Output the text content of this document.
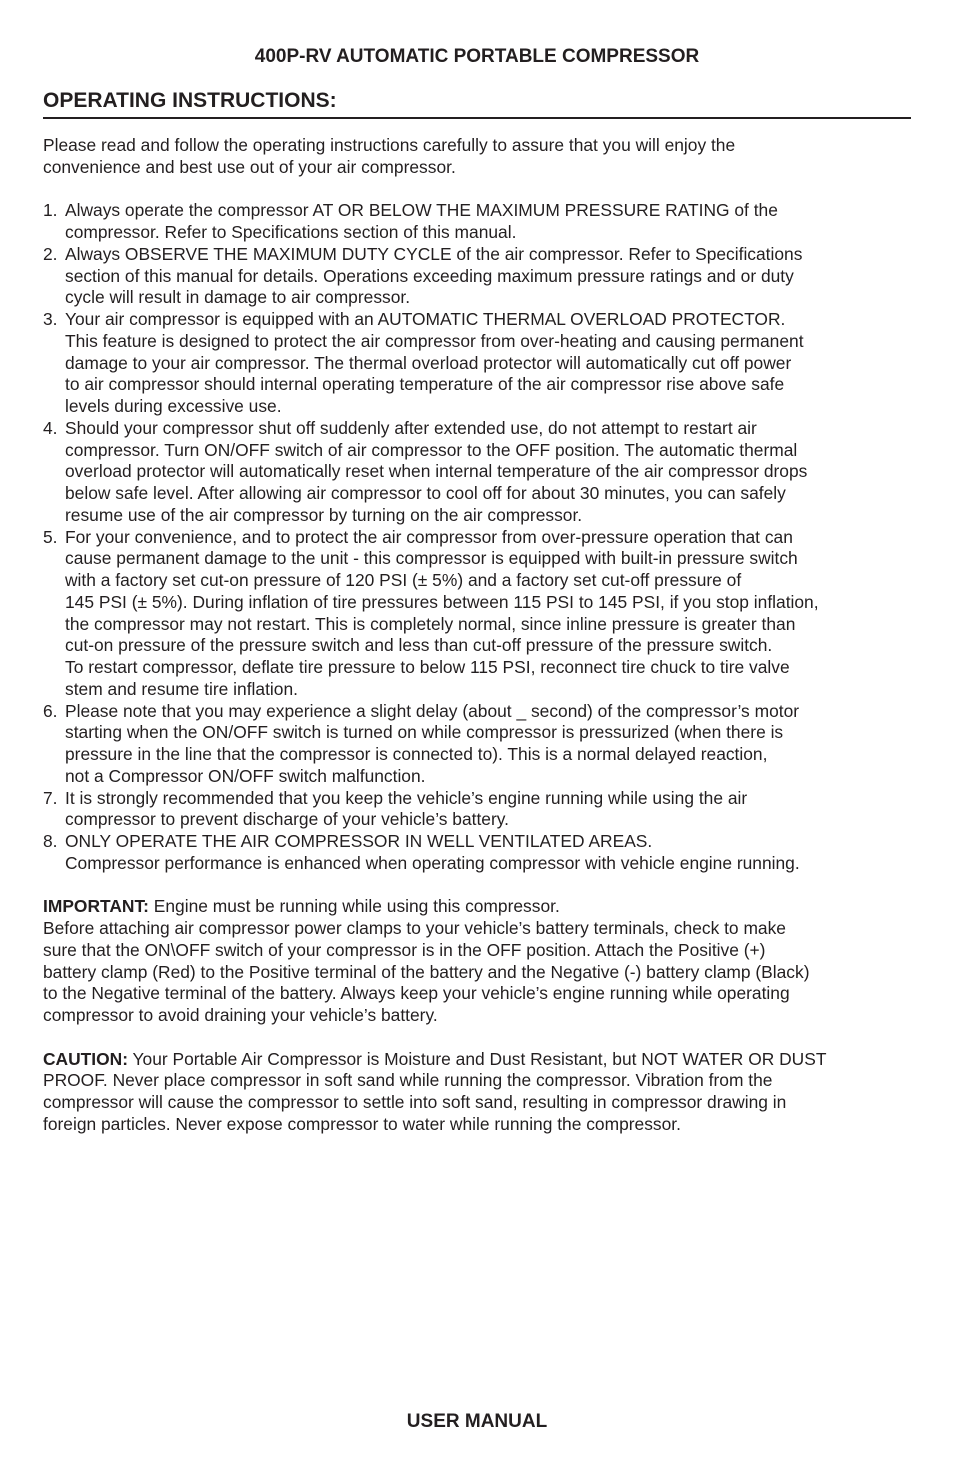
400P-RV AUTOMATIC PORTABLE COMPRESSOR
OPERATING INSTRUCTIONS:

Please read and follow the operating instructions carefully to assure that you will enjoy the
convenience and best use out of your air compressor.

1. Always operate the compressor AT OR BELOW THE MAXIMUM PRESSURE RATING of the
compressor. Refer to Specifications section of this manual.
2. Always OBSERVE THE MAXIMUM DUTY CYCLE of the air compressor. Refer to Specifications
section of this manual for details. Operations exceeding maximum pressure ratings and or duty
cycle will result in damage to air compressor.
3. Your air compressor is equipped with an AUTOMATIC THERMAL OVERLOAD PROTECTOR.
This feature is designed to protect the air compressor from over-heating and causing permanent
damage to your air compressor. The thermal overload protector will automatically cut off power
to air compressor should internal operating temperature of the air compressor rise above safe
levels during excessive use.
4. Should your compressor shut off suddenly after extended use, do not attempt to restart air
compressor. Turn ON/OFF switch of air compressor to the OFF position. The automatic thermal
overload protector will automatically reset when internal temperature of the air compressor drops
below safe level. After allowing air compressor to cool off for about 30 minutes, you can safely
resume use of the air compressor by turning on the air compressor.
5. For your convenience, and to protect the air compressor from over-pressure operation that can
cause permanent damage to the unit - this compressor is equipped with built-in pressure switch
with a factory set cut-on pressure of 120 PSI (± 5%) and a factory set cut-off pressure of
145 PSI (± 5%). During inflation of tire pressures between 115 PSI to 145 PSI, if you stop inflation,
the compressor may not restart. This is completely normal, since inline pressure is greater than
cut-on pressure of the pressure switch and less than cut-off pressure of the pressure switch.
To restart compressor, deflate tire pressure to below 115 PSI, reconnect tire chuck to tire valve
stem and resume tire inflation.
6. Please note that you may experience a slight delay (about _ second) of the compressor’s motor
starting when the ON/OFF switch is turned on while compressor is pressurized (when there is
pressure in the line that the compressor is connected to). This is a normal delayed reaction,
not a Compressor ON/OFF switch malfunction.
7. It is strongly recommended that you keep the vehicle’s engine running while using the air
compressor to prevent discharge of your vehicle’s battery.
8. ONLY OPERATE THE AIR COMPRESSOR IN WELL VENTILATED AREAS.
Compressor performance is enhanced when operating compressor with vehicle engine running.

IMPORTANT: Engine must be running while using this compressor.

Before attaching air compressor power clamps to your vehicle’s battery terminals, check to make
sure that the ON\OFF switch of your compressor is in the OFF position. Attach the Positive (+)
battery clamp (Red) to the Positive terminal of the battery and the Negative (-) battery clamp (Black)
to the Negative terminal of the battery. Always keep your vehicle’s engine running while operating
compressor to avoid draining your vehicle’s battery.

CAUTION: Your Portable Air Compressor is Moisture and Dust Resistant, but NOT WATER OR DUST
PROOF. Never place compressor in soft sand while running the compressor. Vibration from the
compressor will cause the compressor to settle into soft sand, resulting in compressor drawing in
foreign particles. Never expose compressor to water while running the compressor.

USER MANUAL
